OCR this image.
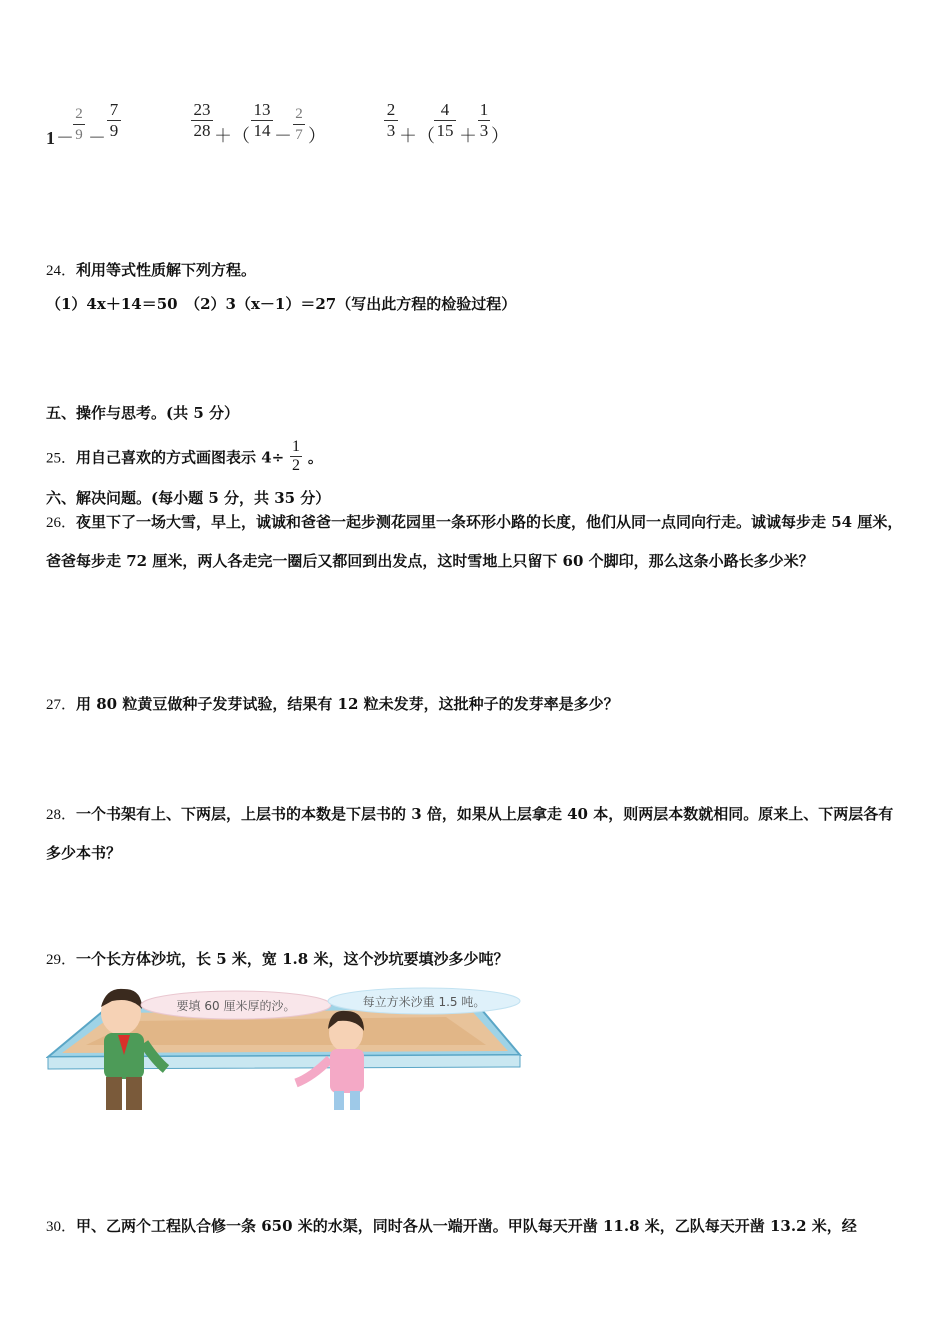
1 －
2
9 －
7
9
23
28 ＋（
13
14 －
2
7 ）
2
3 ＋（
4
15 ＋
1
3 ）
24．利用等式性质解下列方程。
（1）4x＋14＝50　（2）3（x－1）＝27（写出此方程的检验过程）
五、操作与思考。(共 5 分）
25．用自己喜欢的方式画图表示 $4\div \frac{1}{2}$ 。
六、解决问题。(每小题 5 分，共 35 分）
26．夜里下了一场大雪，早上，诚诚和爸爸一起步测花园里一条环形小路的长度，他们从同一点同向行走。诚诚每步走 54 厘米，爸爸每步走 72 厘米，两人各走完一圈后又都回到出发点，这时雪地上只留下 60 个脚印，那么这条小路长多少米？
27．用 80 粒黄豆做种子发芽试验，结果有 12 粒未发芽，这批种子的发芽率是多少？
28．一个书架有上、下两层，上层书的本数是下层书的 3 倍，如果从上层拿走 40 本，则两层本数就相同。原来上、下两层各有多少本书？
29．一个长方体沙坑，长 5 米，宽 1.8 米，这个沙坑要填沙多少吨？
要填 60 厘米厚的沙。	每立方米沙重 1.5 吨。
30．甲、乙两个工程队合修一条 650 米的水渠，同时各从一端开凿。甲队每天开凿 11.8 米，乙队每天开凿 13.2 米，经
